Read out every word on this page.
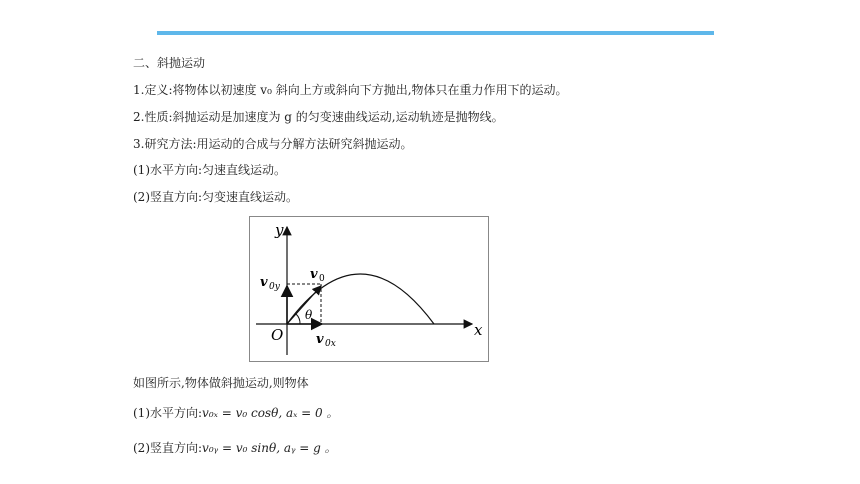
二、斜抛运动
1.定义:将物体以初速度 v₀ 斜向上方或斜向下方抛出,物体只在重力作用下的运动。
2.性质:斜抛运动是加速度为 g 的匀变速曲线运动,运动轨迹是抛物线。
3.研究方法:用运动的合成与分解方法研究斜抛运动。
(1)水平方向:匀速直线运动。
(2)竖直方向:匀变速直线运动。
y
x
O
θ
v 0
v 0y
v 0x
如图所示,物体做斜抛运动,则物体
(1)水平方向:v₀ₓ = v₀ cosθ, aₓ = 0 。
(2)竖直方向:v₀ᵧ = v₀ sinθ, aᵧ = g 。
